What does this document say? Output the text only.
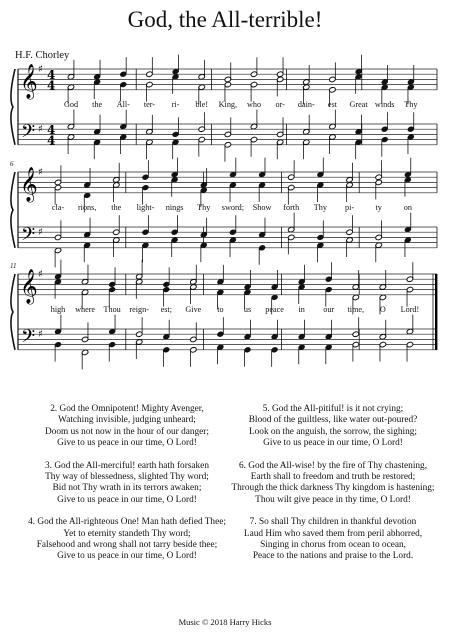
God, the All-terrible!
H.F. Chorley
𝄞
𝄢
♯
♯
4
4
4
4
God the All- ter- ri- ble! King, who or- dain- est Great winds Thy
𝄞
𝄢
♯
♯
6
cla- rions, the light- nings Thy sword; Show forth Thy pi-	ty	on
𝄞
𝄢
♯
♯
11
high where Thou reign- est; Give to us peace in our time, O Lord!
2. God the Omnipotent! Mighty Avenger,
Watching invisible, judging unheard;
Doom us not now in the hour of our danger;
Give to us peace in our time, O Lord!
3. God the All-merciful! earth hath forsaken
Thy way of blessedness, slighted Thy word;
Bid not Thy wrath in its terrors awaken;
Give to us peace in our time, O Lord!
4. God the All-righteous One! Man hath defied Thee;
Yet to eternity standeth Thy word;
Falsehood and wrong shall not tarry beside thee;
Give to us peace in our time, O Lord!
5. God the All-pitiful! is it not crying;
Blood of the guiltless, like water out-poured?
Look on the anguish, the sorrow, the sighing;
Give to us peace in our time, O Lord!
6. God the All-wise! by the fire of Thy chastening,
Earth shall to freedom and truth be restored;
Through the thick darkness Thy kingdom is hastening;
Thou wilt give peace in thy time, O Lord!
7. So shall Thy children in thankful devotion
Laud Him who saved them from peril abhorred,
Singing in chorus from ocean to ocean,
Peace to the nations and praise to the Lord.
Music © 2018 Harry Hicks
